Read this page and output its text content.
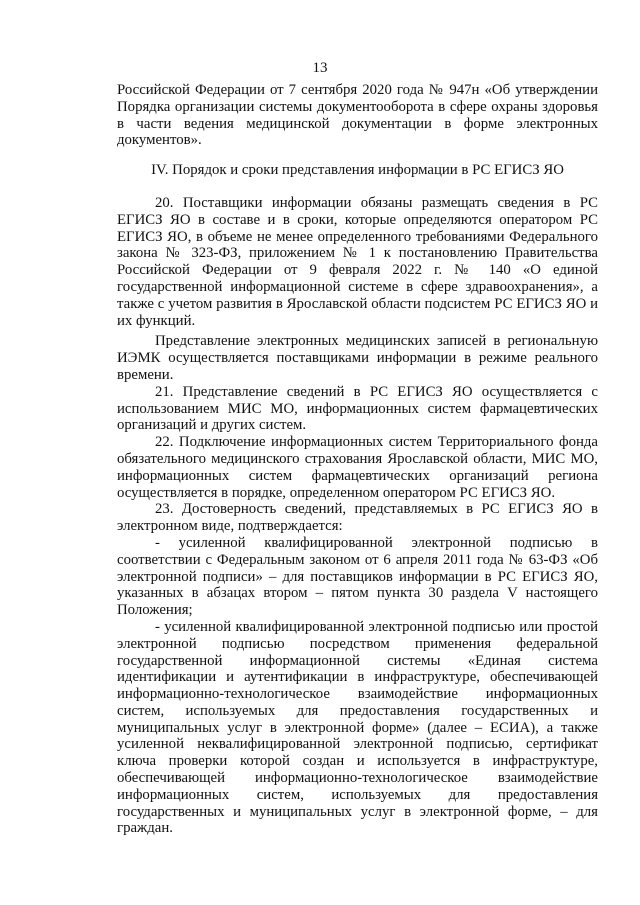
13

Российской Федерации от 7 сентября 2020 года № 947н «Об утверждении Порядка организации системы документооборота в сфере охраны здоровья в части ведения медицинской документации в форме электронных документов».

IV. Порядок и сроки представления информации в РС ЕГИСЗ ЯО

20. Поставщики информации обязаны размещать сведения в РС ЕГИСЗ ЯО в составе и в сроки, которые определяются оператором РС ЕГИСЗ ЯО, в объеме не менее определенного требованиями Федерального закона № 323-ФЗ, приложением № 1 к постановлению Правительства Российской Федерации от 9 февраля 2022 г. № 140 «О единой государственной информационной системе в сфере здравоохранения», а также с учетом развития в Ярославской области подсистем РС ЕГИСЗ ЯО и их функций.

Представление электронных медицинских записей в региональную ИЭМК осуществляется поставщиками информации в режиме реального времени.

21. Представление сведений в РС ЕГИСЗ ЯО осуществляется с использованием МИС МО, информационных систем фармацевтических организаций и других систем.

22. Подключение информационных систем Территориального фонда обязательного медицинского страхования Ярославской области, МИС МО, информационных систем фармацевтических организаций региона осуществляется в порядке, определенном оператором РС ЕГИСЗ ЯО.

23. Достоверность сведений, представляемых в РС ЕГИСЗ ЯО в электронном виде, подтверждается:

- усиленной квалифицированной электронной подписью в соответствии с Федеральным законом от 6 апреля 2011 года № 63-ФЗ «Об электронной подписи» – для поставщиков информации в РС ЕГИСЗ ЯО, указанных в абзацах втором – пятом пункта 30 раздела V настоящего Положения;

- усиленной квалифицированной электронной подписью или простой электронной подписью посредством применения федеральной государственной информационной системы «Единая система идентификации и аутентификации в инфраструктуре, обеспечивающей информационно-технологическое взаимодействие информационных систем, используемых для предоставления государственных и муниципальных услуг в электронной форме» (далее – ЕСИА), а также усиленной неквалифицированной электронной подписью, сертификат ключа проверки которой создан и используется в инфраструктуре, обеспечивающей информационно-технологическое взаимодействие информационных систем, используемых для предоставления государственных и муниципальных услуг в электронной форме, – для граждан.
